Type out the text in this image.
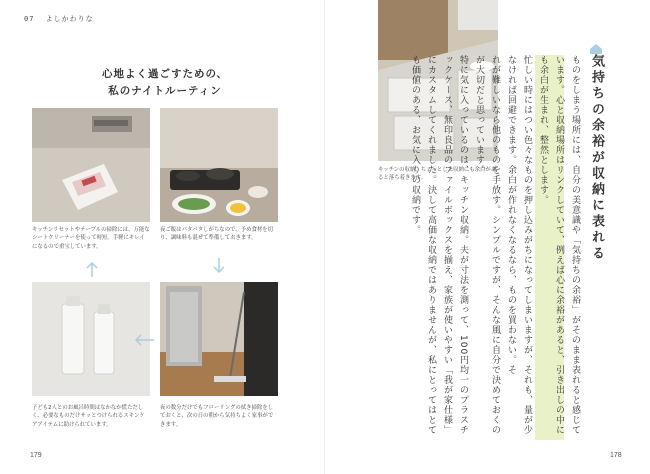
07 よしかわりな
心地よく過ごすための、
私のナイトルーティン
キッチンリセットやテーブルの掃除には、万能なシートクリーナーを使って時短。手軽にキレイになるので重宝しています。
夜ご飯はパタパタしがちなので、予め食材を切り、調味料も混ぜて準備しておきます。
子ども2人とのお風呂時間はなかなか慌ただしく、必要なものだけサッとつけられるスキンケアアイテムに助けられています。
夜の数分だけでもフローリングの拭き掃除をしておくと、次の日の朝から気持ちよく家事ができます。
179
キッチンの収納。ちょっとした収納にも余白があると落ち着きます。	気持ちの余裕が収納に表れる
ものをしまう場所には、自分の美意識や「気持ちの余裕」がそのまま表れると感じています。心と収納場所はリンクしていて、例えば心に余裕があると、引き出しの中にも余白が生まれ、整然とします。
忙しい時にはつい色々なものを押し込みがちになってしまいますが、それも、量が少なければ回避できます。余白が作れなくなるなら、ものを買わない。そ
れが難しいなら他のものを手放す。シンプルですが、そんな風に自分で決めておくのが大切だと思っています。
特に気に入っているのは、キッチン収納。夫が寸法を測って、100円均一のプラスチックケース、無印良品のファイルボックスを揃え、家族が使いやすい「我が家仕様」にカスタムしてくれました。決して高価な収納ではありませんが、私にとってはとても価値のある、お気に入りの収納です。
178
